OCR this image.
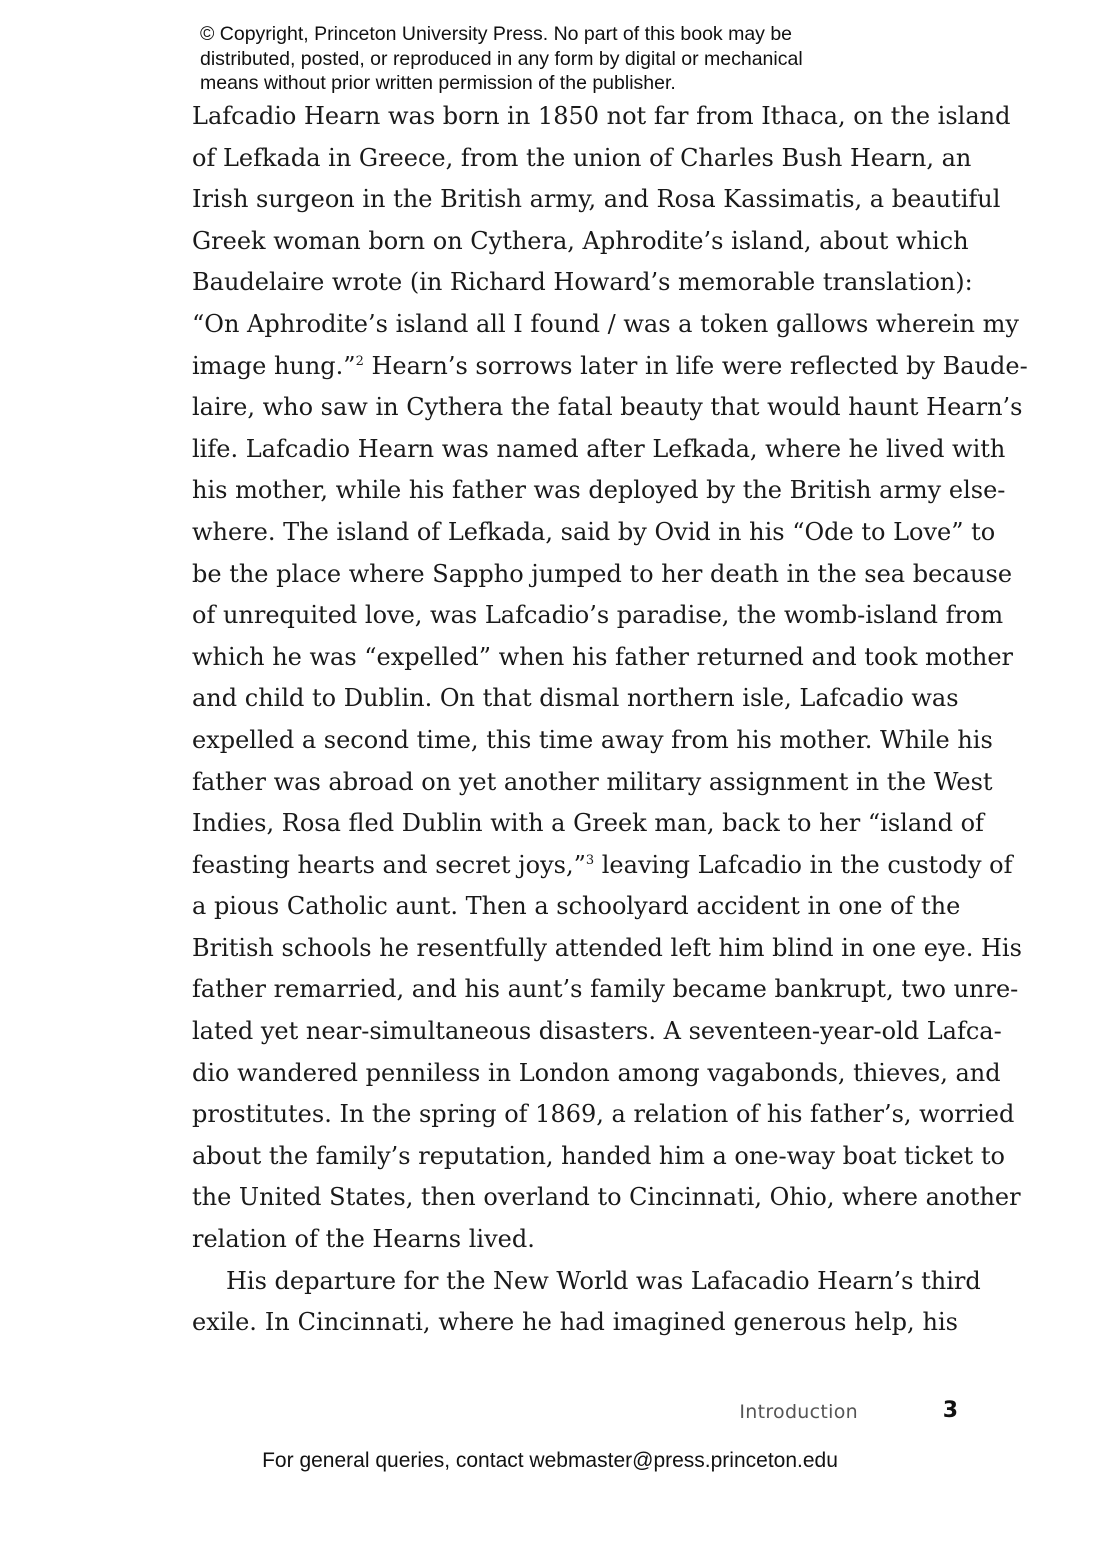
© Copyright, Princeton University Press. No part of this book may be
distributed, posted, or reproduced in any form by digital or mechanical
means without prior written permission of the publisher.
Lafcadio Hearn was born in 1850 not far from Ithaca, on the island
of Lefkada in Greece, from the union of Charles Bush Hearn, an
Irish surgeon in the British army, and Rosa Kassimatis, a beautiful
Greek woman born on Cythera, Aphrodite’s island, about which
Baudelaire wrote (in Richard Howard’s memorable translation):
“On Aphrodite’s island all I found / was a token gallows wherein my
image hung.”$^2$ Hearn’s sorrows later in life were reflected by Baude-
laire, who saw in Cythera the fatal beauty that would haunt Hearn’s
life. Lafcadio Hearn was named after Lefkada, where he lived with
his mother, while his father was deployed by the British army else-
where. The island of Lefkada, said by Ovid in his “Ode to Love” to
be the place where Sappho jumped to her death in the sea because
of unrequited love, was Lafcadio’s paradise, the womb-island from
which he was “expelled” when his father returned and took mother
and child to Dublin. On that dismal northern isle, Lafcadio was
expelled a second time, this time away from his mother. While his
father was abroad on yet another military assignment in the West
Indies, Rosa fled Dublin with a Greek man, back to her “island of
feasting hearts and secret joys,”$^3$ leaving Lafcadio in the custody of
a pious Catholic aunt. Then a schoolyard accident in one of the
British schools he resentfully attended left him blind in one eye. His
father remarried, and his aunt’s family became bankrupt, two unre-
lated yet near-simultaneous disasters. A seventeen-year-old Lafca-
dio wandered penniless in London among vagabonds, thieves, and
prostitutes. In the spring of 1869, a relation of his father’s, worried
about the family’s reputation, handed him a one-way boat ticket to
the United States, then overland to Cincinnati, Ohio, where another
relation of the Hearns lived.
His departure for the New World was Lafacadio Hearn’s third
exile. In Cincinnati, where he had imagined generous help, his
Introduction	3
For general queries, contact webmaster@press.princeton.edu
